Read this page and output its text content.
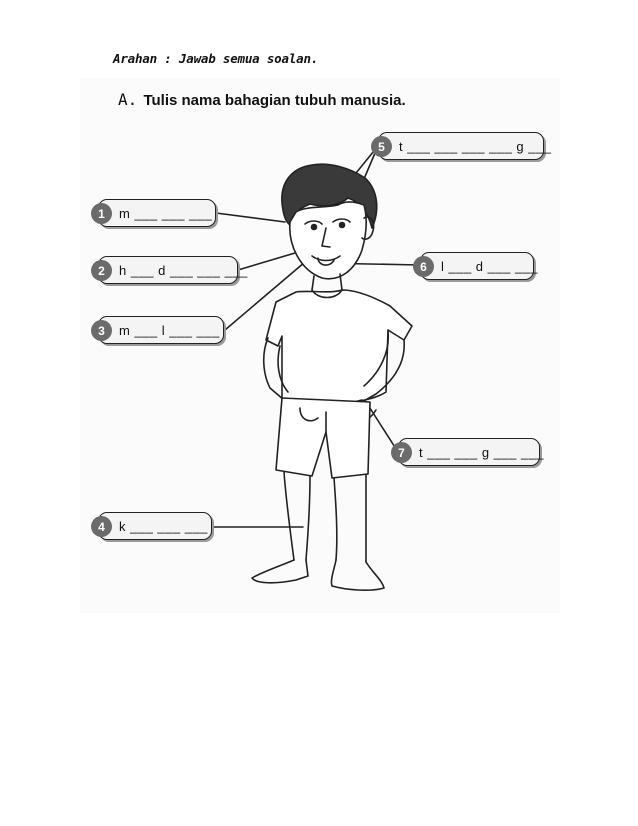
Arahan : Jawab semua soalan.
A. Tulis nama bahagian tubuh manusia.
1	m ___ ___ ___
2	h ___ d ___ ___ ___
3	m ___ l ___ ___
4	k ___ ___ ___
5	t ___ ___ ___ ___ g ___
6	l ___ d ___ ___
7	t ___ ___ g ___ ___
